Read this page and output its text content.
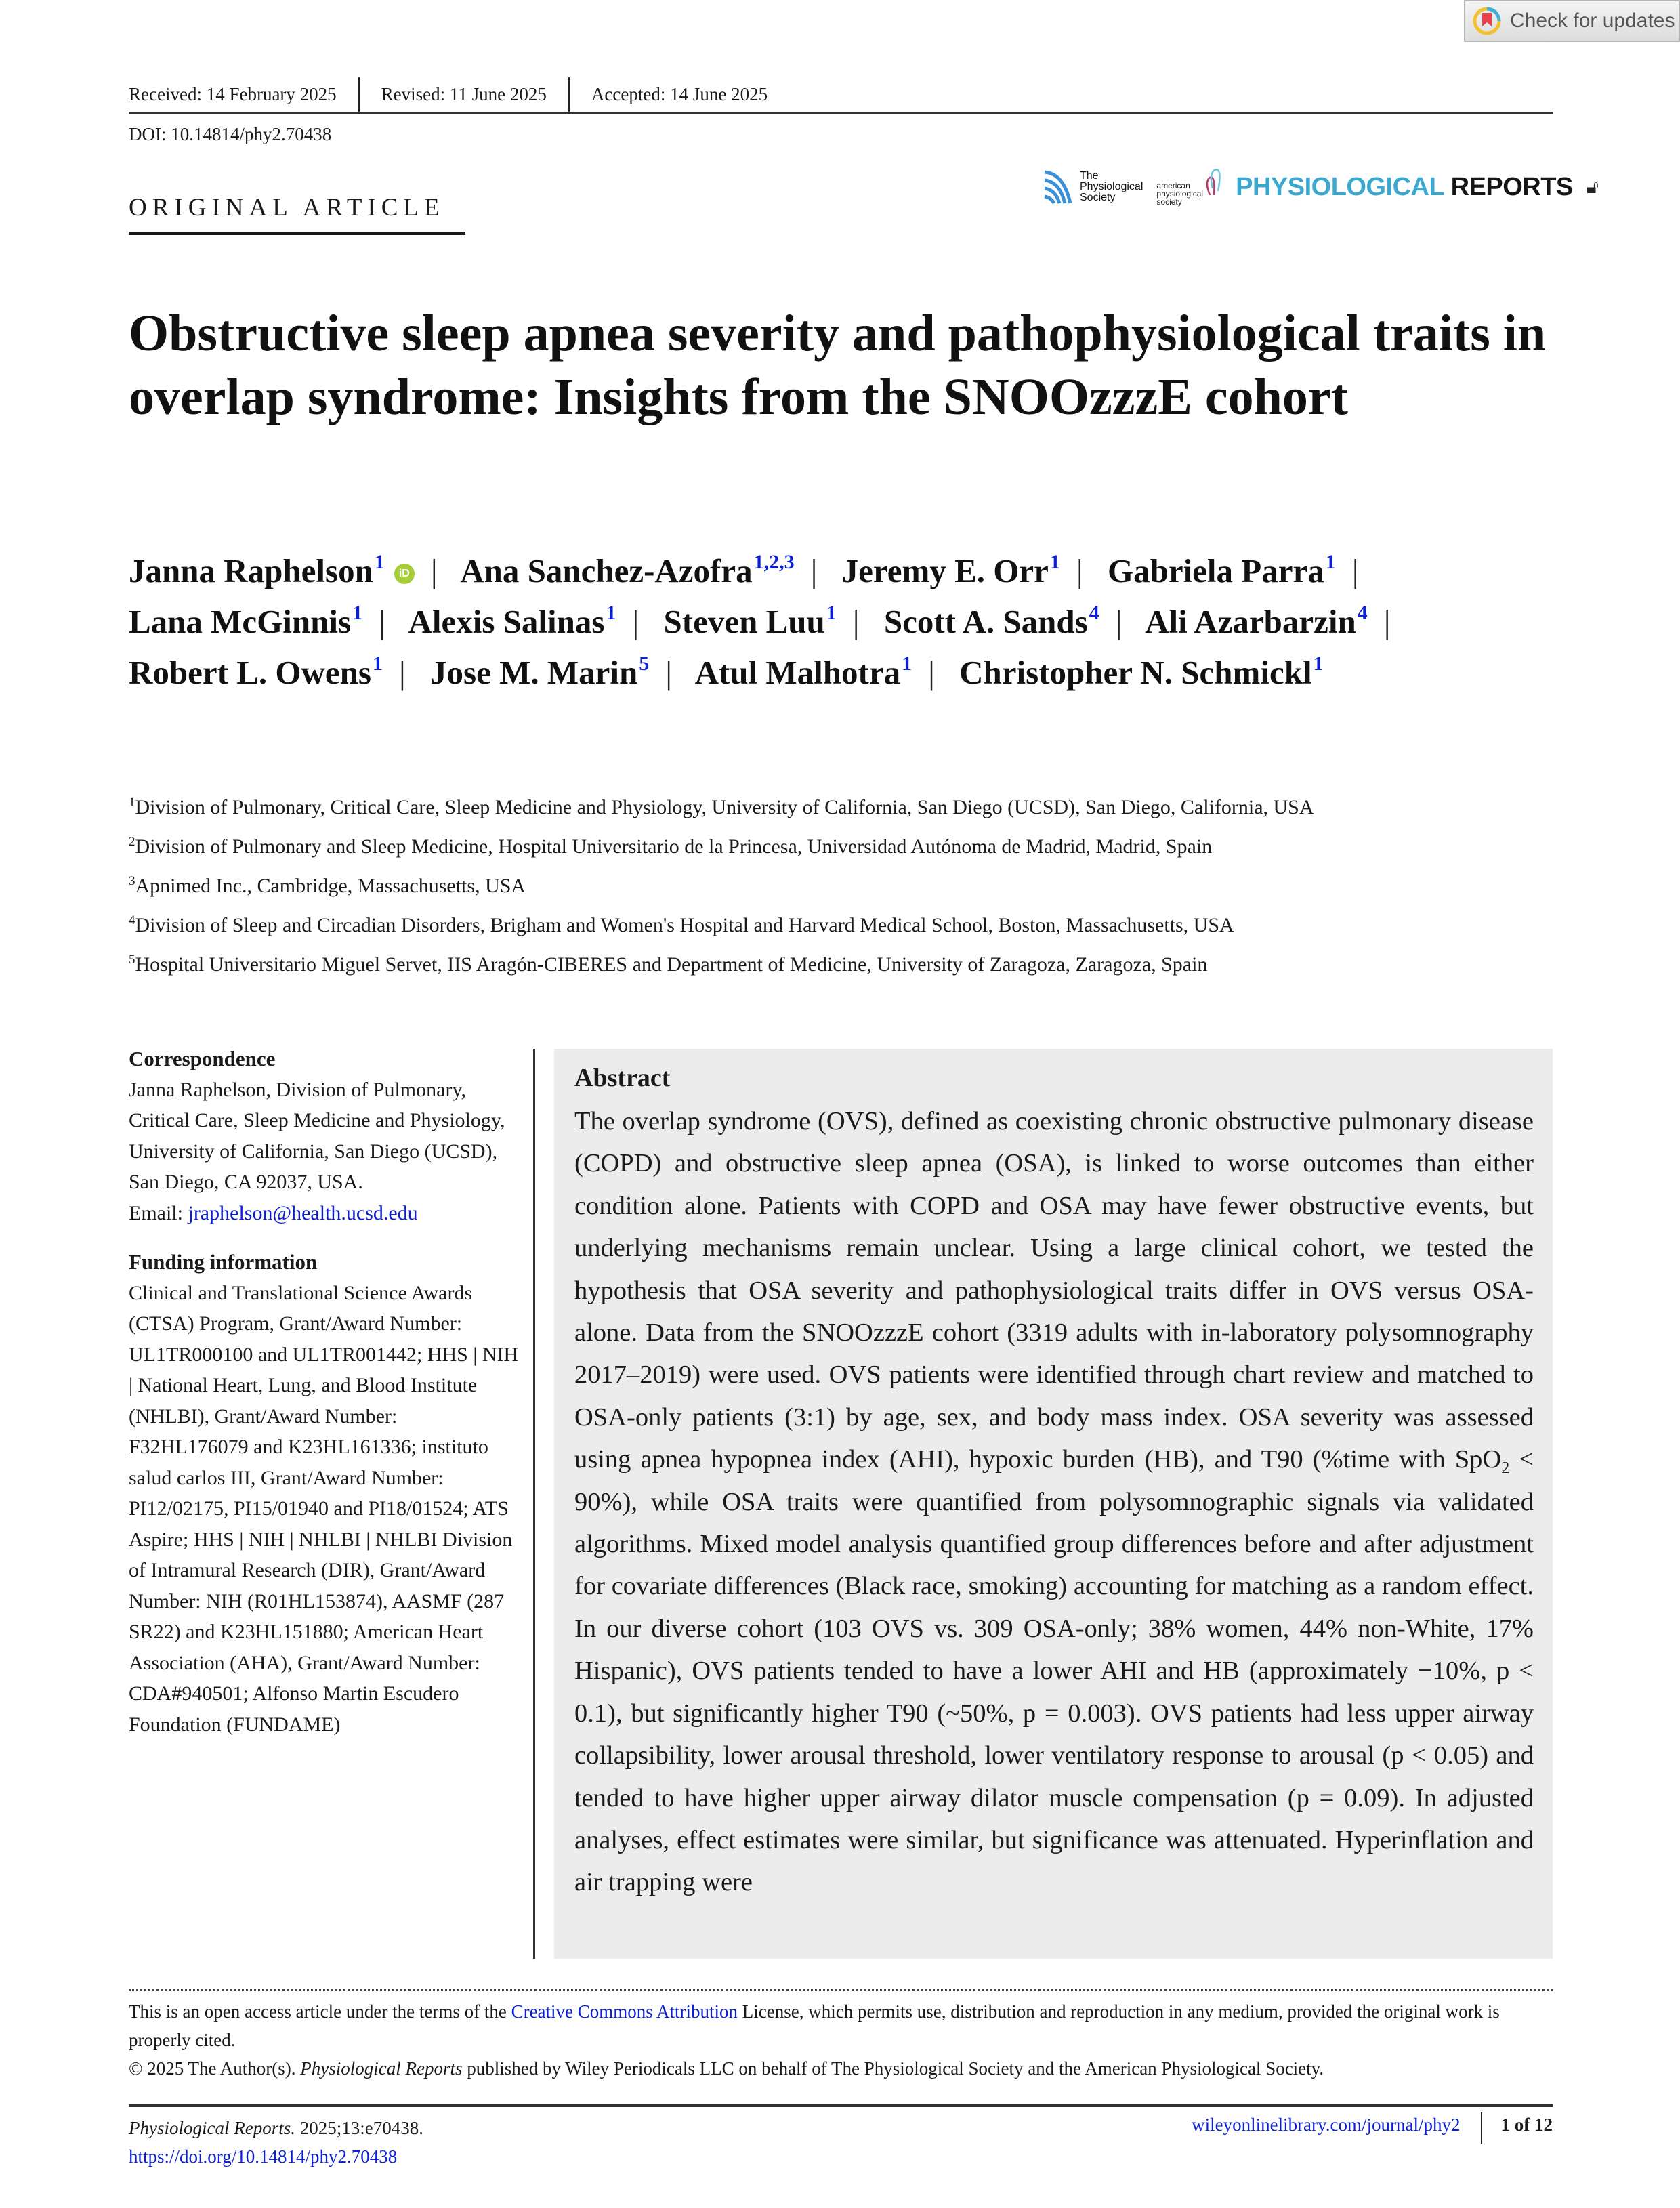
Check for updates
Received: 14 February 2025	Revised: 11 June 2025	Accepted: 14 June 2025
DOI: 10.14814/phy2.70438
ORIGINAL ARTICLE
The
Physiological
Society
american
physiological
society
PHYSIOLOGICAL REPORTS 🔓︎
Obstructive sleep apnea severity and pathophysiological traits in overlap syndrome: Insights from the SNOOzzzE cohort
Janna Raphelson$^1$iD | Ana Sanchez-Azofra$^{1,2,3}$ | Jeremy E. Orr$^1$ | Gabriela Parra$^1$ | Lana McGinnis$^1$ | Alexis Salinas$^1$ | Steven Luu$^1$ | Scott A. Sands$^4$ | Ali Azarbarzin$^4$ | Robert L. Owens$^1$ | Jose M. Marin$^5$ | Atul Malhotra$^1$ | Christopher N. Schmickl$^1$
$^1$Division of Pulmonary, Critical Care, Sleep Medicine and Physiology, University of California, San Diego (UCSD), San Diego, California, USA
$^2$Division of Pulmonary and Sleep Medicine, Hospital Universitario de la Princesa, Universidad Autónoma de Madrid, Madrid, Spain
$^3$Apnimed Inc., Cambridge, Massachusetts, USA
$^4$Division of Sleep and Circadian Disorders, Brigham and Women's Hospital and Harvard Medical School, Boston, Massachusetts, USA
$^5$Hospital Universitario Miguel Servet, IIS Aragón-CIBERES and Department of Medicine, University of Zaragoza, Zaragoza, Spain
Correspondence
Janna Raphelson, Division of Pulmonary, Critical Care, Sleep Medicine and Physiology, University of California, San Diego (UCSD), San Diego, CA 92037, USA.
Email: jraphelson@health.ucsd.edu
Funding information
Clinical and Translational Science Awards (CTSA) Program, Grant/Award Number: UL1TR000100 and UL1TR001442; HHS | NIH | National Heart, Lung, and Blood Institute (NHLBI), Grant/Award Number: F32HL176079 and K23HL161336; instituto salud carlos III, Grant/Award Number: PI12/02175, PI15/01940 and PI18/01524; ATS Aspire; HHS | NIH | NHLBI | NHLBI Division of Intramural Research (DIR), Grant/Award Number: NIH (R01HL153874), AASMF (287 SR22) and K23HL151880; American Heart Association (AHA), Grant/Award Number: CDA#940501; Alfonso Martin Escudero Foundation (FUNDAME)
Abstract

The overlap syndrome (OVS), defined as coexisting chronic obstructive pulmonary disease (COPD) and obstructive sleep apnea (OSA), is linked to worse outcomes than either condition alone. Patients with COPD and OSA may have fewer obstructive events, but underlying mechanisms remain unclear. Using a large clinical cohort, we tested the hypothesis that OSA severity and pathophysiological traits differ in OVS versus OSA-alone. Data from the SNOOzzzE cohort (3319 adults with in-laboratory polysomnography 2017–2019) were used. OVS patients were identified through chart review and matched to OSA-only patients (3:1) by age, sex, and body mass index. OSA severity was assessed using apnea hypopnea index (AHI), hypoxic burden (HB), and T90 (%time with SpO$_2$ < 90%), while OSA traits were quantified from polysomnographic signals via validated algorithms. Mixed model analysis quantified group differences before and after adjustment for covariate differences (Black race, smoking) accounting for matching as a random effect. In our diverse cohort (103 OVS vs. 309 OSA-only; 38% women, 44% non-White, 17% Hispanic), OVS patients tended to have a lower AHI and HB (approximately −10%, p < 0.1), but significantly higher T90 (~50%, p = 0.003). OVS patients had less upper airway collapsibility, lower arousal threshold, lower ventilatory response to arousal (p < 0.05) and tended to have higher upper airway dilator muscle compensation (p = 0.09). In adjusted analyses, effect estimates were similar, but significance was attenuated. Hyperinflation and air trapping were

This is an open access article under the terms of the Creative Commons Attribution License, which permits use, distribution and reproduction in any medium, provided the original work is properly cited.
© 2025 The Author(s). Physiological Reports published by Wiley Periodicals LLC on behalf of The Physiological Society and the American Physiological Society.
Physiological Reports. 2025;13:e70438.
https://doi.org/10.14814/phy2.70438
wileyonlinelibrary.com/journal/phy2	1 of 12
